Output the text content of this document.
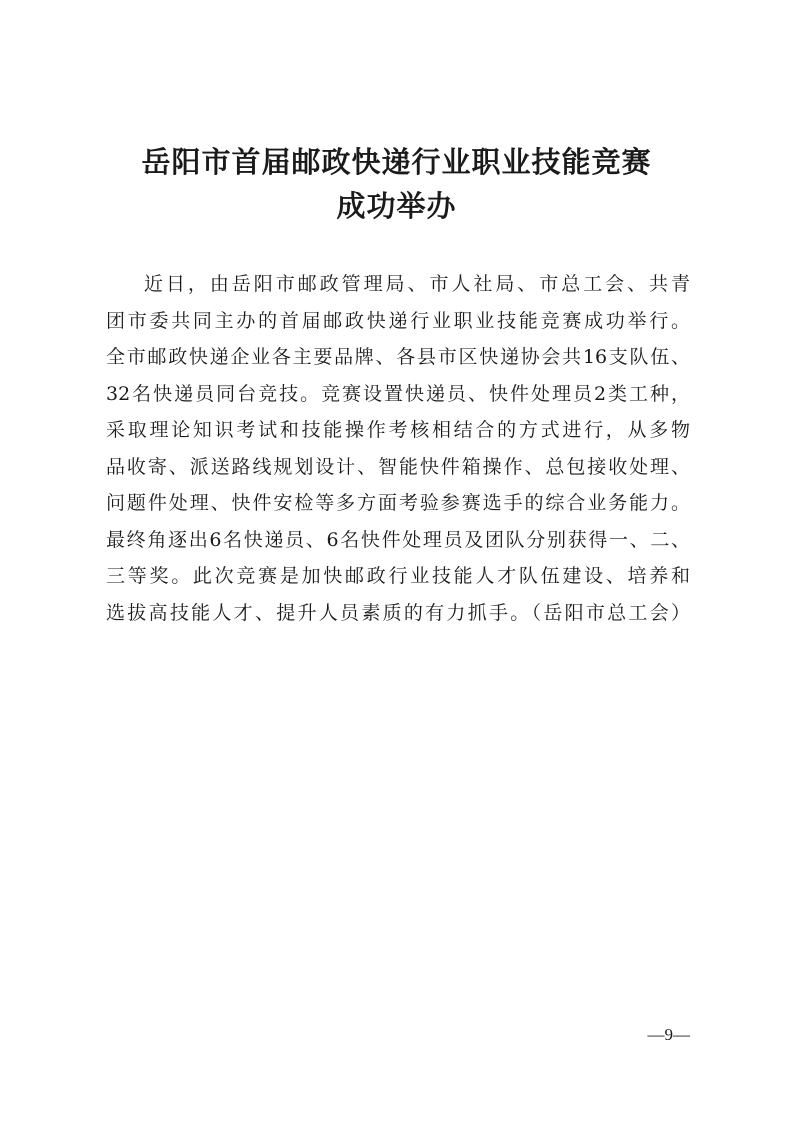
岳阳市首届邮政快递行业职业技能竞赛
成功举办
近日，由岳阳市邮政管理局、市人社局、市总工会、共青
团市委共同主办的首届邮政快递行业职业技能竞赛成功举行。
全市邮政快递企业各主要品牌、各县市区快递协会共16支队伍、
32名快递员同台竞技。竞赛设置快递员、快件处理员2类工种，
采取理论知识考试和技能操作考核相结合的方式进行，从多物
品收寄、派送路线规划设计、智能快件箱操作、总包接收处理、
问题件处理、快件安检等多方面考验参赛选手的综合业务能力。
最终角逐出6名快递员、6名快件处理员及团队分别获得一、二、
三等奖。此次竞赛是加快邮政行业技能人才队伍建设、培养和
选拔高技能人才、提升人员素质的有力抓手。（岳阳市总工会）
—9—
